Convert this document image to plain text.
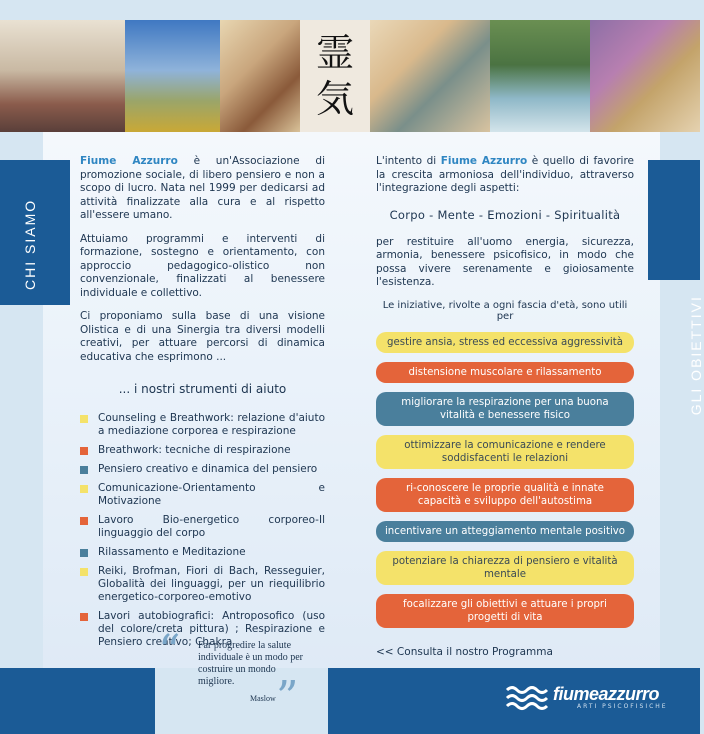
霊
気
CHI SIAMO
GLI OBIETTIVI

Fiume Azzurro è un'Associazione di promozione sociale, di libero pensiero e non a scopo di lucro. Nata nel 1999 per dedicarsi ad attività finalizzate alla cura e al rispetto all'essere umano.

Attuiamo programmi e interventi di formazione, sostegno e orientamento, con approccio pedagogico-olistico non convenzionale, finalizzati al benessere individuale e collettivo.

Ci proponiamo sulla base di una visione Olistica e di una Sinergia tra diversi modelli creativi, per attuare percorsi di dinamica educativa che esprimono ...

... i nostri strumenti di aiuto
Counseling e Breathwork: relazione d'aiuto a mediazione corporea e respirazione
Breathwork: tecniche di respirazione
Pensiero creativo e dinamica del pensiero
Comunicazione-Orientamento e Motivazione
Lavoro Bio-energetico corporeo-Il linguaggio del corpo
Rilassamento e Meditazione
Reiki, Brofman, Fiori di Bach, Resseguier, Globalità dei linguaggi, per un riequilibrio energetico-corporeo-emotivo
Lavori autobiografici: Antroposofico (uso del colore/creta pittura) ; Respirazione e Pensiero creativo; Chakra

L'intento di Fiume Azzurro è quello di favorire la crescita armoniosa dell'individuo, attraverso l'integrazione degli aspetti:

Corpo - Mente - Emozioni - Spiritualità

per restituire all'uomo energia, sicurezza, armonia, benessere psicofisico, in modo che possa vivere serenamente e gioiosamente l'esistenza.

Le iniziative, rivolte a ogni fascia d'età, sono utili per
gestire ansia, stress ed eccessiva aggressività
distensione muscolare e rilassamento
migliorare la respirazione per una buona vitalità e benessere fisico
ottimizzare la comunicazione e rendere soddisfacenti le relazioni
ri-conoscere le proprie qualità e innate capacità e sviluppo dell'autostima
incentivare un atteggiamento mentale positivo
potenziare la chiarezza di pensiero e vitalità mentale
focalizzare gli obiettivi e attuare i propri progetti di vita
<< Consulta il nostro Programma
“ Far progredire la salute individuale è un modo per costruire un mondo migliore. ”
Maslow	fiumeazzurro
ARTI PSICOFISICHE
